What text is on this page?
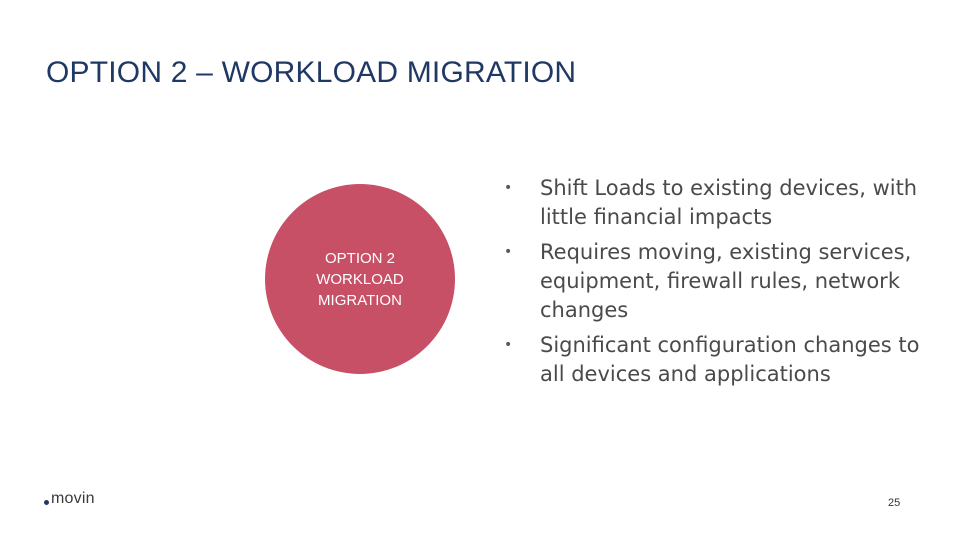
OPTION 2 – WORKLOAD MIGRATION
OPTION 2
WORKLOAD
MIGRATION
• Shift Loads to existing devices, with little financial impacts
• Requires moving, existing services, equipment, firewall rules, network changes
• Significant configuration changes to all devices and applications
movin	25
